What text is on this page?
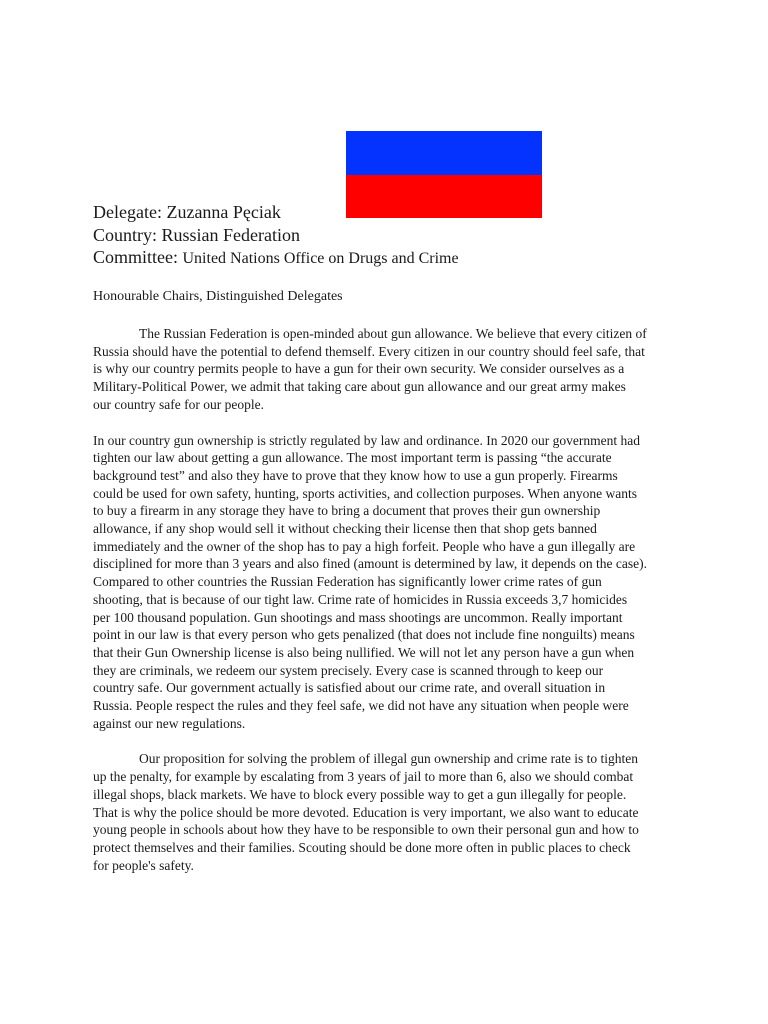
Delegate: Zuzanna Pęciak
Country: Russian Federation
Committee: United Nations Office on Drugs and Crime
Honourable Chairs, Distinguished Delegates
The Russian Federation is open-minded about gun allowance. We believe that every citizen of
Russia should have the potential to defend themself. Every citizen in our country should feel safe, that
is why our country permits people to have a gun for their own security. We consider ourselves as a
Military-Political Power, we admit that taking care about gun allowance and our great army makes
our country safe for our people.
In our country gun ownership is strictly regulated by law and ordinance. In 2020 our government had
tighten our law about getting a gun allowance. The most important term is passing “the accurate
background test” and also they have to prove that they know how to use a gun properly. Firearms
could be used for own safety, hunting, sports activities, and collection purposes. When anyone wants
to buy a firearm in any storage they have to bring a document that proves their gun ownership
allowance, if any shop would sell it without checking their license then that shop gets banned
immediately and the owner of the shop has to pay a high forfeit. People who have a gun illegally are
disciplined for more than 3 years and also fined (amount is determined by law, it depends on the case).
Compared to other countries the Russian Federation has significantly lower crime rates of gun
shooting, that is because of our tight law. Crime rate of homicides in Russia exceeds 3,7 homicides
per 100 thousand population. Gun shootings and mass shootings are uncommon. Really important
point in our law is that every person who gets penalized (that does not include fine nonguilts) means
that their Gun Ownership license is also being nullified. We will not let any person have a gun when
they are criminals, we redeem our system precisely. Every case is scanned through to keep our
country safe. Our government actually is satisfied about our crime rate, and overall situation in
Russia. People respect the rules and they feel safe, we did not have any situation when people were
against our new regulations.
Our proposition for solving the problem of illegal gun ownership and crime rate is to tighten
up the penalty, for example by escalating from 3 years of jail to more than 6, also we should combat
illegal shops, black markets. We have to block every possible way to get a gun illegally for people.
That is why the police should be more devoted. Education is very important, we also want to educate
young people in schools about how they have to be responsible to own their personal gun and how to
protect themselves and their families. Scouting should be done more often in public places to check
for people's safety.
